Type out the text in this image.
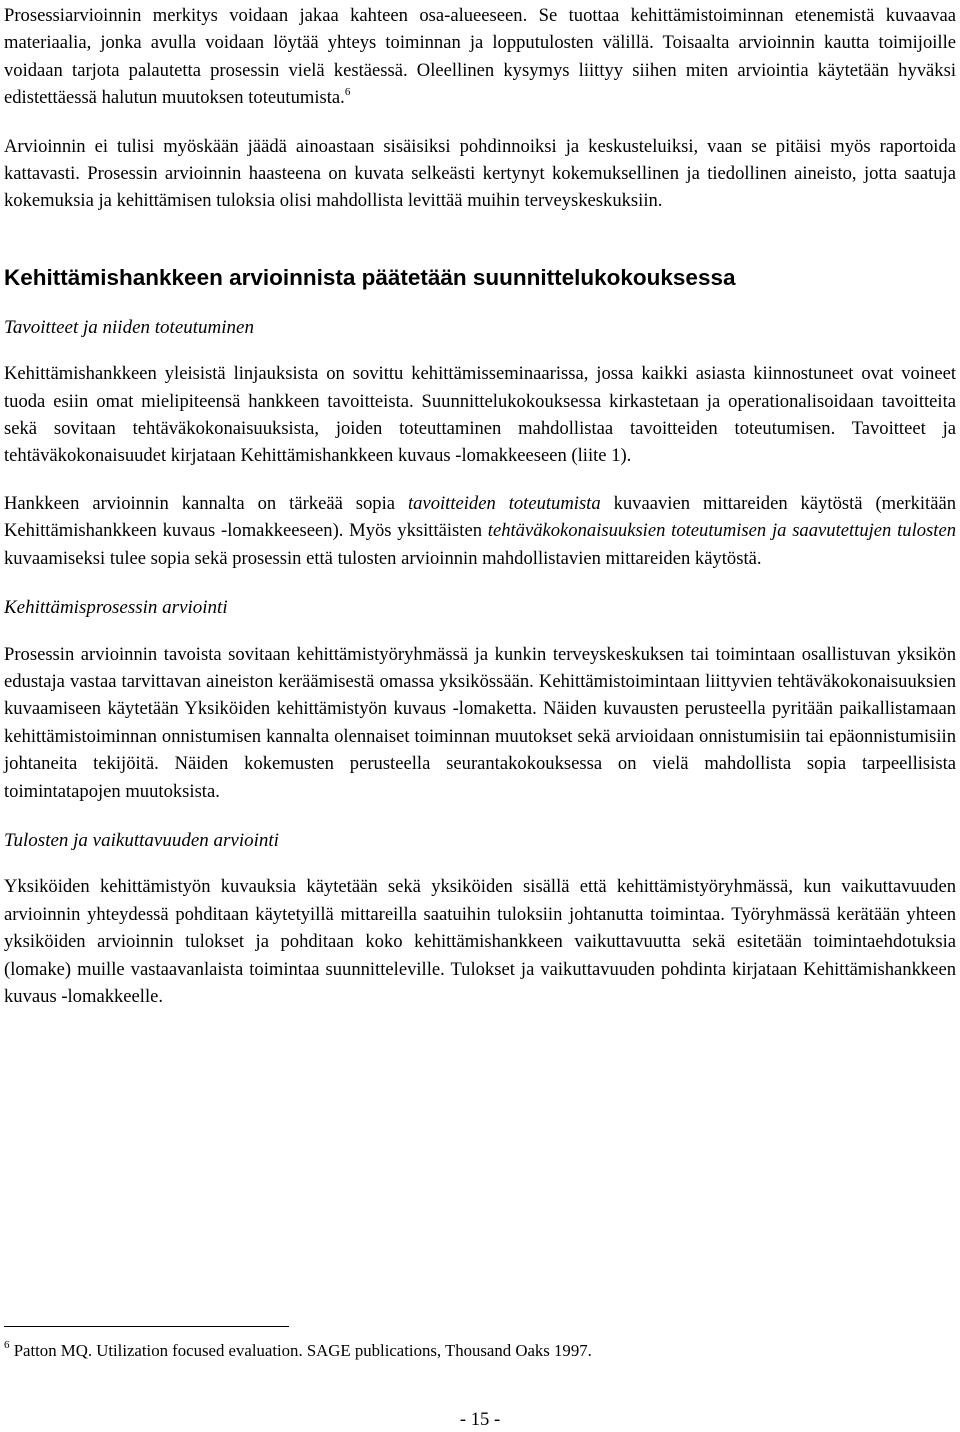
Prosessiarvioinnin merkitys voidaan jakaa kahteen osa-alueeseen. Se tuottaa kehittämistoiminnan etenemistä kuvaavaa materiaalia, jonka avulla voidaan löytää yhteys toiminnan ja lopputulosten välillä. Toisaalta arvioinnin kautta toimijoille voidaan tarjota palautetta prosessin vielä kestäessä. Oleellinen kysymys liittyy siihen miten arviointia käytetään hyväksi edistettäessä halutun muutoksen toteutumista.$^6$

Arvioinnin ei tulisi myöskään jäädä ainoastaan sisäisiksi pohdinnoiksi ja keskusteluiksi, vaan se pitäisi myös raportoida kattavasti. Prosessin arvioinnin haasteena on kuvata selkeästi kertynyt kokemuksellinen ja tiedollinen aineisto, jotta saatuja kokemuksia ja kehittämisen tuloksia olisi mahdollista levittää muihin terveyskeskuksiin.

Kehittämishankkeen arvioinnista päätetään suunnittelukokouksessa
Tavoitteet ja niiden toteutuminen

Kehittämishankkeen yleisistä linjauksista on sovittu kehittämisseminaarissa, jossa kaikki asiasta kiinnostuneet ovat voineet tuoda esiin omat mielipiteensä hankkeen tavoitteista. Suunnittelukokouksessa kirkastetaan ja operationalisoidaan tavoitteita sekä sovitaan tehtäväkokonaisuuksista, joiden toteuttaminen mahdollistaa tavoitteiden toteutumisen. Tavoitteet ja tehtäväkokonaisuudet kirjataan Kehittämishankkeen kuvaus -lomakkeeseen (liite 1).

Hankkeen arvioinnin kannalta on tärkeää sopia tavoitteiden toteutumista kuvaavien mittareiden käytöstä (merkitään Kehittämishankkeen kuvaus -lomakkeeseen). Myös yksittäisten tehtäväkokonaisuuksien toteutumisen ja saavutettujen tulosten kuvaamiseksi tulee sopia sekä prosessin että tulosten arvioinnin mahdollistavien mittareiden käytöstä.

Kehittämisprosessin arviointi

Prosessin arvioinnin tavoista sovitaan kehittämistyöryhmässä ja kunkin terveyskeskuksen tai toimintaan osallistuvan yksikön edustaja vastaa tarvittavan aineiston keräämisestä omassa yksikössään. Kehittämistoimintaan liittyvien tehtäväkokonaisuuksien kuvaamiseen käytetään Yksiköiden kehittämistyön kuvaus -lomaketta. Näiden kuvausten perusteella pyritään paikallistamaan kehittämistoiminnan onnistumisen kannalta olennaiset toiminnan muutokset sekä arvioidaan onnistumisiin tai epäonnistumisiin johtaneita tekijöitä. Näiden kokemusten perusteella seurantakokouksessa on vielä mahdollista sopia tarpeellisista toimintatapojen muutoksista.

Tulosten ja vaikuttavuuden arviointi

Yksiköiden kehittämistyön kuvauksia käytetään sekä yksiköiden sisällä että kehittämistyöryhmässä, kun vaikuttavuuden arvioinnin yhteydessä pohditaan käytetyillä mittareilla saatuihin tuloksiin johtanutta toimintaa. Työryhmässä kerätään yhteen yksiköiden arvioinnin tulokset ja pohditaan koko kehittämishankkeen vaikuttavuutta sekä esitetään toimintaehdotuksia (lomake) muille vastaavanlaista toimintaa suunnitteleville. Tulokset ja vaikuttavuuden pohdinta kirjataan Kehittämishankkeen kuvaus -lomakkeelle.

$^6$ Patton MQ. Utilization focused evaluation. SAGE publications, Thousand Oaks 1997.
- 15 -
